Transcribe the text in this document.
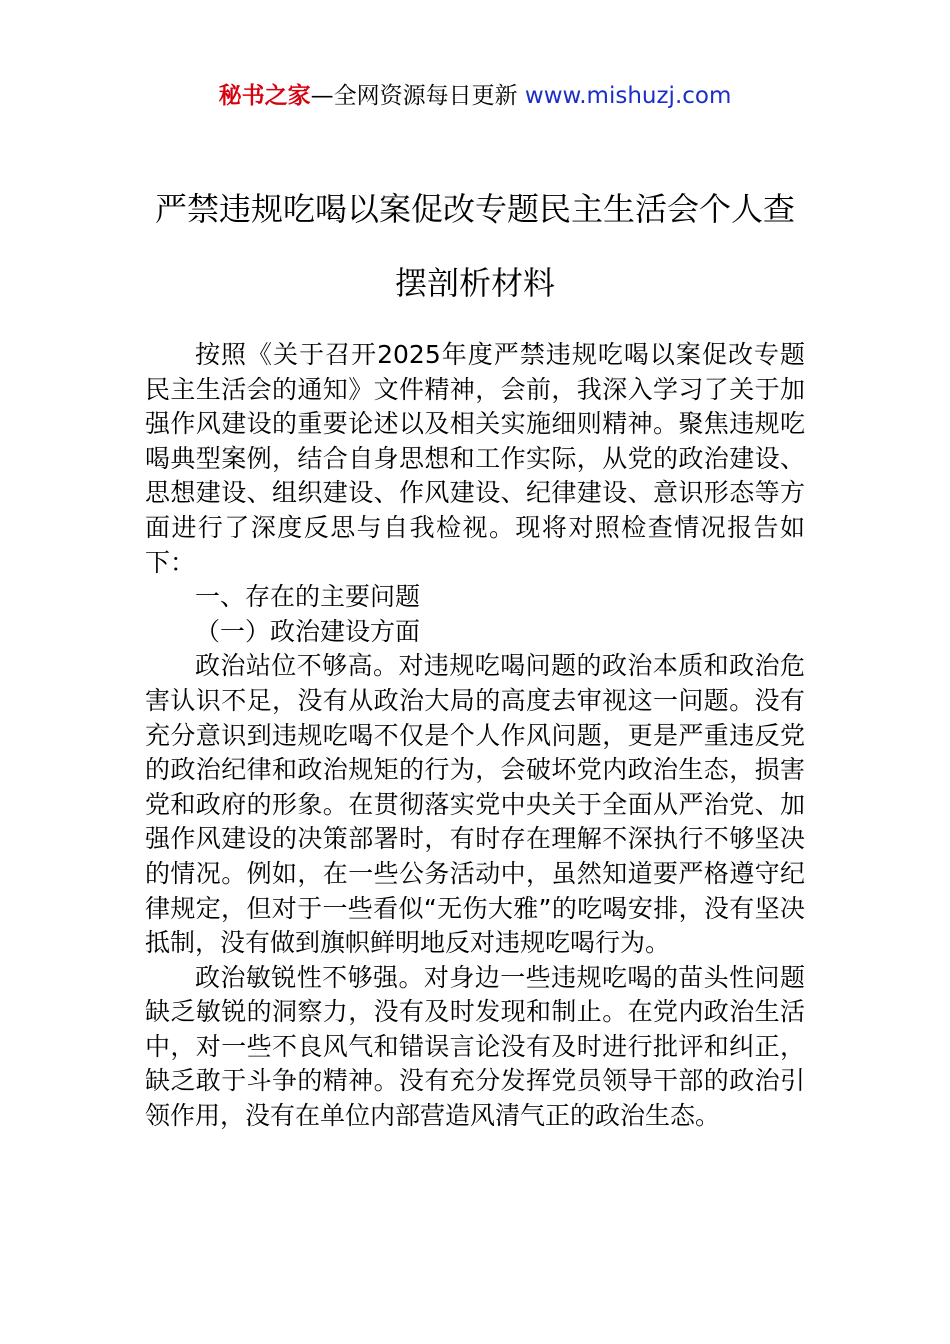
秘书之家—全网资源每日更新 www.mishuzj.com
严禁违规吃喝以案促改专题民主生活会个人查摆剖析材料

按照《关于召开2025年度严禁违规吃喝以案促改专题民主生活会的通知》文件精神，会前，我深入学习了关于加强作风建设的重要论述以及相关实施细则精神。聚焦违规吃喝典型案例，结合自身思想和工作实际，从党的政治建设、思想建设、组织建设、作风建设、纪律建设、意识形态等方面进行了深度反思与自我检视。现将对照检查情况报告如下：

一、存在的主要问题

（一）政治建设方面

政治站位不够高。对违规吃喝问题的政治本质和政治危害认识不足，没有从政治大局的高度去审视这一问题。没有充分意识到违规吃喝不仅是个人作风问题，更是严重违反党的政治纪律和政治规矩的行为，会破坏党内政治生态，损害党和政府的形象。在贯彻落实党中央关于全面从严治党、加强作风建设的决策部署时，有时存在理解不深执行不够坚决的情况。例如，在一些公务活动中，虽然知道要严格遵守纪律规定，但对于一些看似“无伤大雅”的吃喝安排，没有坚决抵制，没有做到旗帜鲜明地反对违规吃喝行为。

政治敏锐性不够强。对身边一些违规吃喝的苗头性问题缺乏敏锐的洞察力，没有及时发现和制止。在党内政治生活中，对一些不良风气和错误言论没有及时进行批评和纠正，缺乏敢于斗争的精神。没有充分发挥党员领导干部的政治引领作用，没有在单位内部营造风清气正的政治生态。
